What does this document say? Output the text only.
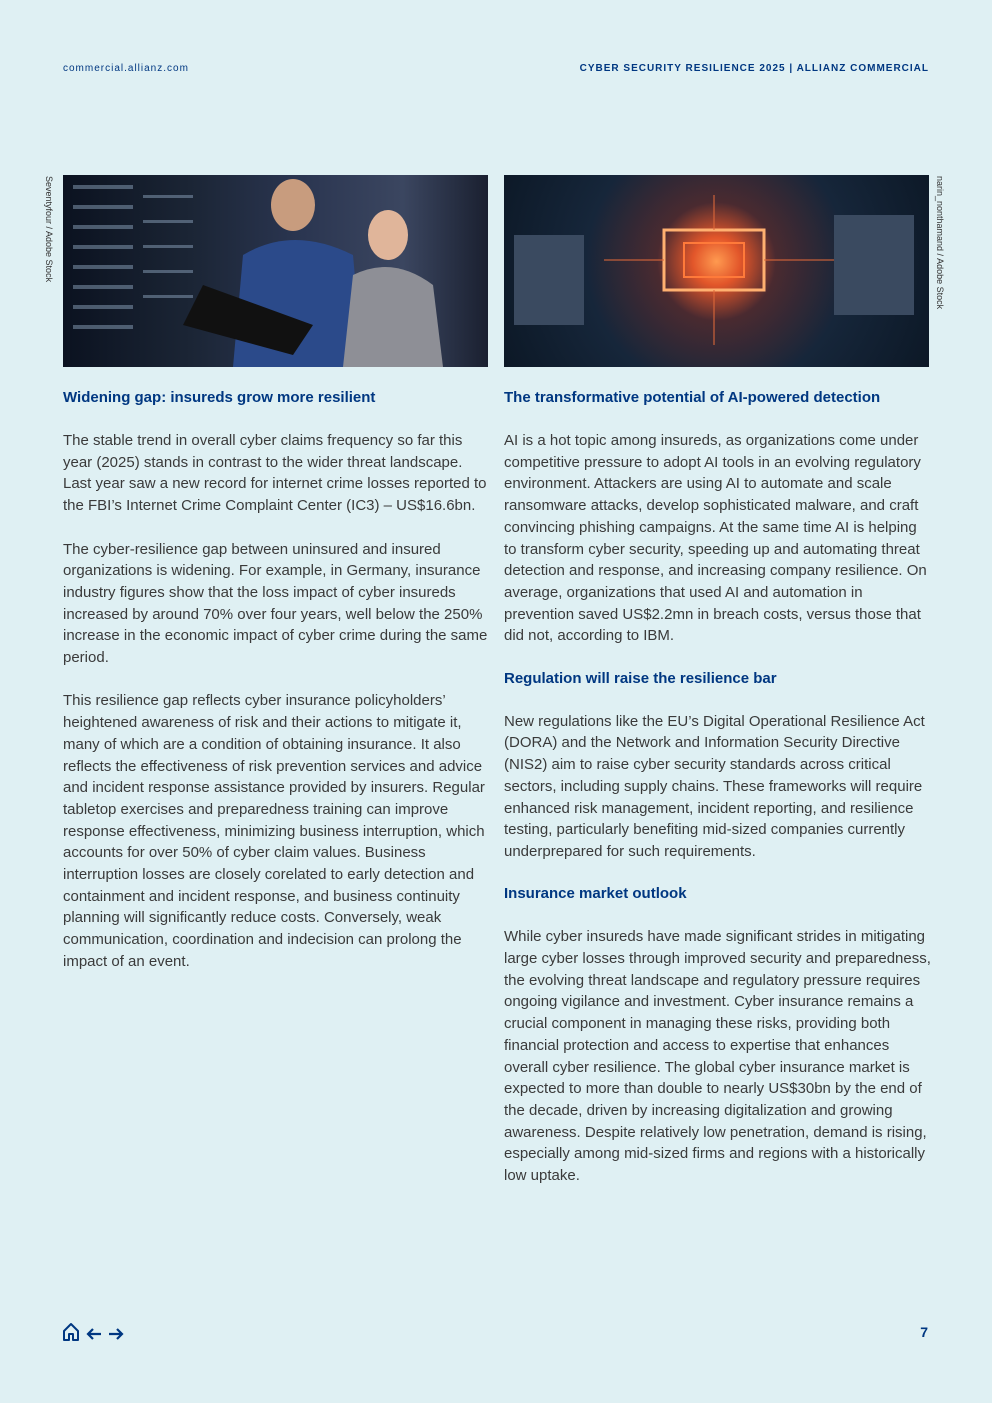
commercial.allianz.com	CYBER SECURITY RESILIENCE 2025 | ALLIANZ COMMERCIAL
Seventyfour / Adobe Stock	narin_nonthamand / Adobe Stock
Widening gap: insureds grow more resilient

The stable trend in overall cyber claims frequency so far this year (2025) stands in contrast to the wider threat landscape. Last year saw a new record for internet crime losses reported to the FBI’s Internet Crime Complaint Center (IC3) – US$16.6bn.

The cyber-resilience gap between uninsured and insured organizations is widening. For example, in Germany, insurance industry figures show that the loss impact of cyber insureds increased by around 70% over four years, well below the 250% increase in the economic impact of cyber crime during the same period.

This resilience gap reflects cyber insurance policyholders’ heightened awareness of risk and their actions to mitigate it, many of which are a condition of obtaining insurance. It also reflects the effectiveness of risk prevention services and advice and incident response assistance provided by insurers. Regular tabletop exercises and preparedness training can improve response effectiveness, minimizing business interruption, which accounts for over 50% of cyber claim values. Business interruption losses are closely corelated to early detection and containment and incident response, and business continuity planning will significantly reduce costs. Conversely, weak communication, coordination and indecision can prolong the impact of an event.

The transformative potential of AI-powered detection

AI is a hot topic among insureds, as organizations come under competitive pressure to adopt AI tools in an evolving regulatory environment. Attackers are using AI to automate and scale ransomware attacks, develop sophisticated malware, and craft convincing phishing campaigns. At the same time AI is helping to transform cyber security, speeding up and automating threat detection and response, and increasing company resilience. On average, organizations that used AI and automation in prevention saved US$2.2mn in breach costs, versus those that did not, according to IBM.

Regulation will raise the resilience bar

New regulations like the EU’s Digital Operational Resilience Act (DORA) and the Network and Information Security Directive (NIS2) aim to raise cyber security standards across critical sectors, including supply chains. These frameworks will require enhanced risk management, incident reporting, and resilience testing, particularly benefiting mid-sized companies currently underprepared for such requirements.

Insurance market outlook

While cyber insureds have made significant strides in mitigating large cyber losses through improved security and preparedness, the evolving threat landscape and regulatory pressure requires ongoing vigilance and investment. Cyber insurance remains a crucial component in managing these risks, providing both financial protection and access to expertise that enhances overall cyber resilience. The global cyber insurance market is expected to more than double to nearly US$30bn by the end of the decade, driven by increasing digitalization and growing awareness. Despite relatively low penetration, demand is rising, especially among mid-sized firms and regions with a historically low uptake.

7
